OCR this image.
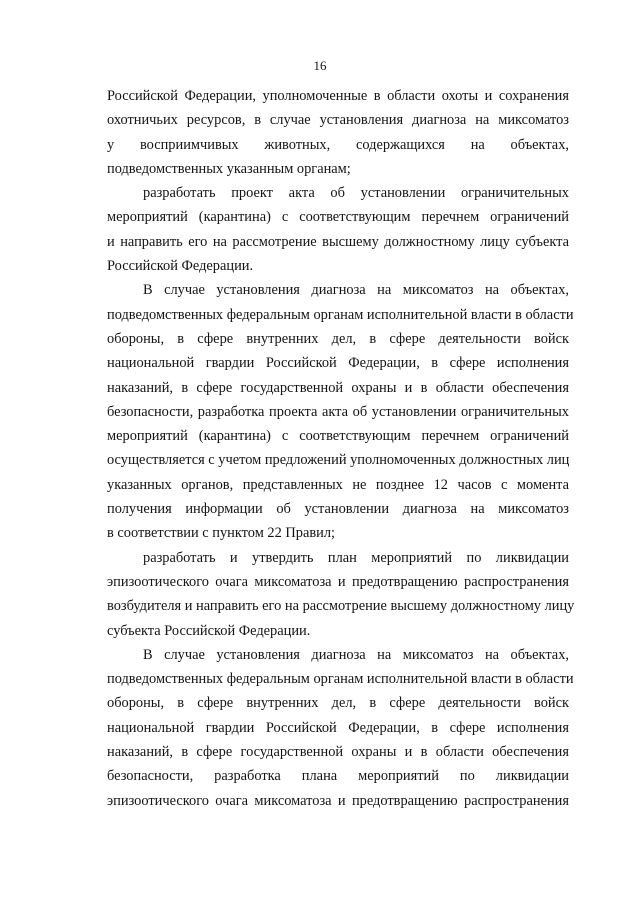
16
Российской Федерации, уполномоченные в области охоты и сохранения
охотничьих ресурсов, в случае установления диагноза на миксоматоз
у восприимчивых животных, содержащихся на объектах,
подведомственных указанным органам;
разработать проект акта об установлении ограничительных
мероприятий (карантина) с соответствующим перечнем ограничений
и направить его на рассмотрение высшему должностному лицу субъекта
Российской Федерации.
В случае установления диагноза на миксоматоз на объектах,
подведомственных федеральным органам исполнительной власти в области
обороны, в сфере внутренних дел, в сфере деятельности войск
национальной гвардии Российской Федерации, в сфере исполнения
наказаний, в сфере государственной охраны и в области обеспечения
безопасности, разработка проекта акта об установлении ограничительных
мероприятий (карантина) с соответствующим перечнем ограничений
осуществляется с учетом предложений уполномоченных должностных лиц
указанных органов, представленных не позднее 12 часов с момента
получения информации об установлении диагноза на миксоматоз
в соответствии с пунктом 22 Правил;
разработать и утвердить план мероприятий по ликвидации
эпизоотического очага миксоматоза и предотвращению распространения
возбудителя и направить его на рассмотрение высшему должностному лицу
субъекта Российской Федерации.
В случае установления диагноза на миксоматоз на объектах,
подведомственных федеральным органам исполнительной власти в области
обороны, в сфере внутренних дел, в сфере деятельности войск
национальной гвардии Российской Федерации, в сфере исполнения
наказаний, в сфере государственной охраны и в области обеспечения
безопасности, разработка плана мероприятий по ликвидации
эпизоотического очага миксоматоза и предотвращению распространения
